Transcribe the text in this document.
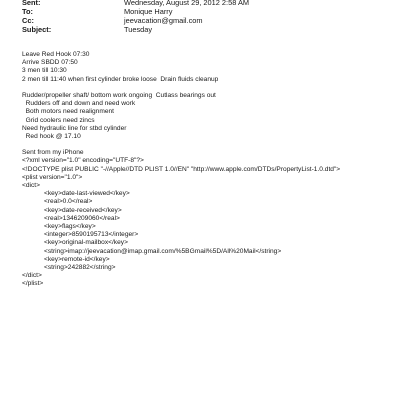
Sent:	Wednesday, August 29, 2012 2:58 AM
To:	Monique Harry
Cc:	jeevacation@gmail.com
Subject:	Tuesday
Leave Red Hook 07:30
Arrive SBDD 07:50
3 men till 10:30
2 men till 11:40 when first cylinder broke loose  Drain fluids cleanup
Rudder/propeller shaft/ bottom work ongoing  Cutlass bearings out
Rudders off and down and need work
Both motors need realignment
Grid coolers need zincs
Need hydraulic line for stbd cylinder
Red hook @ 17.10
Sent from my iPhone
<?xml version="1.0" encoding="UTF-8"?>
<!DOCTYPE plist PUBLIC "-//Apple//DTD PLIST 1.0//EN" "http://www.apple.com/DTDs/PropertyList-1.0.dtd">
<plist version="1.0">
<dict>
<key>date-last-viewed</key>
<real>0.0</real>
<key>date-received</key>
<real>1346209060</real>
<key>flags</key>
<integer>8590195713</integer>
<key>original-mailbox</key>
<string>imap://jeevacation@imap.gmail.com/%5BGmail%5D/All%20Mail</string>
<key>remote-id</key>
<string>242882</string>
</dict>
</plist>
